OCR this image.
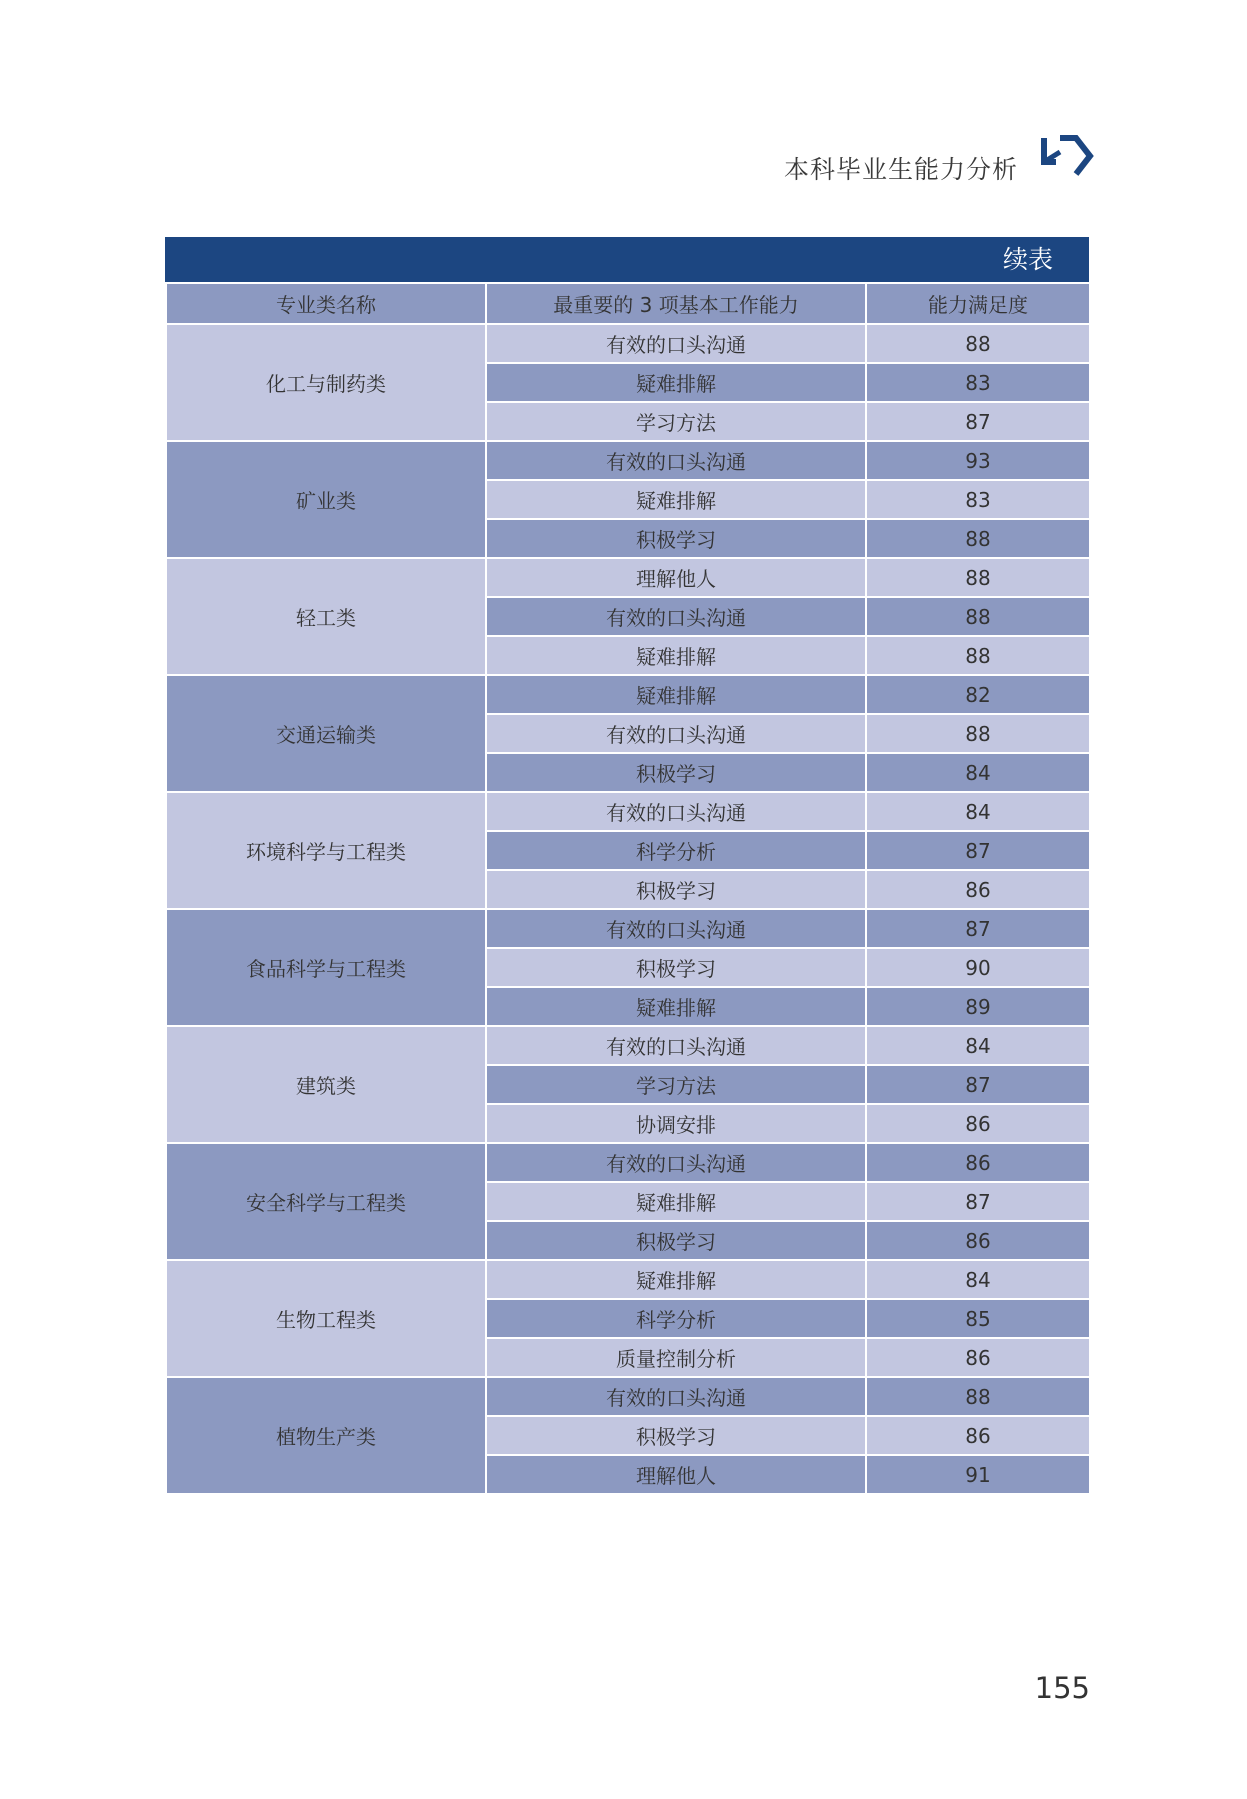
本科毕业生能力分析
续表
专业类名称	最重要的 3 项基本工作能力	能力满足度
化工与制药类	有效的口头沟通	88
	疑难排解	83
	学习方法	87
矿业类	有效的口头沟通	93
	疑难排解	83
	积极学习	88
轻工类	理解他人	88
	有效的口头沟通	88
	疑难排解	88
交通运输类	疑难排解	82
	有效的口头沟通	88
	积极学习	84
环境科学与工程类	有效的口头沟通	84
	科学分析	87
	积极学习	86
食品科学与工程类	有效的口头沟通	87
	积极学习	90
	疑难排解	89
建筑类	有效的口头沟通	84
	学习方法	87
	协调安排	86
安全科学与工程类	有效的口头沟通	86
	疑难排解	87
	积极学习	86
生物工程类	疑难排解	84
	科学分析	85
	质量控制分析	86
植物生产类	有效的口头沟通	88
	积极学习	86
	理解他人	91
155
